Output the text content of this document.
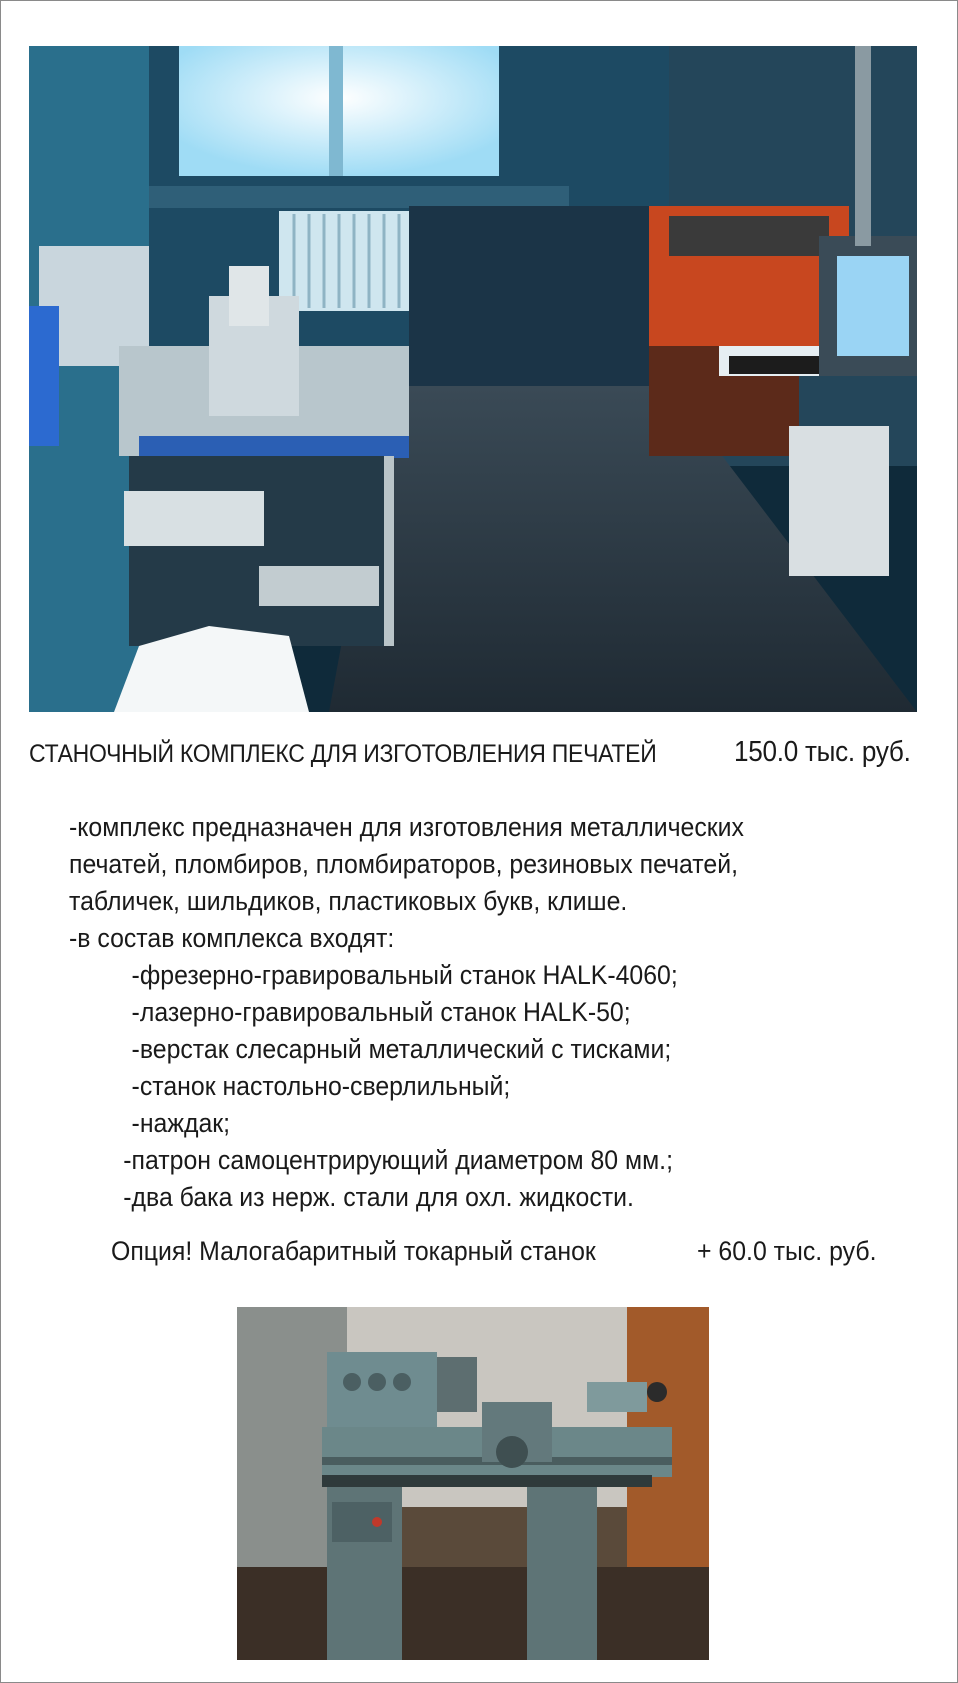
СТАНОЧНЫЙ КОМПЛЕКС ДЛЯ ИЗГОТОВЛЕНИЯ ПЕЧАТЕЙ	150.0 тыс. руб.
-комплекс предназначен для изготовления металлических
печатей, пломбиров, пломбираторов, резиновых печатей,
табличек, шильдиков, пластиковых букв, клише.
-в состав комплекса входят:
-фрезерно-гравировальный станок HALK-4060;
-лазерно-гравировальный станок HALK-50;
-верстак слесарный металлический с тисками;
-станок настольно-сверлильный;
-наждак;
-патрон самоцентрирующий диаметром 80 мм.;
-два бака из нерж. стали для охл. жидкости.
Опция! Малогабаритный токарный станок	+ 60.0 тыс. руб.
